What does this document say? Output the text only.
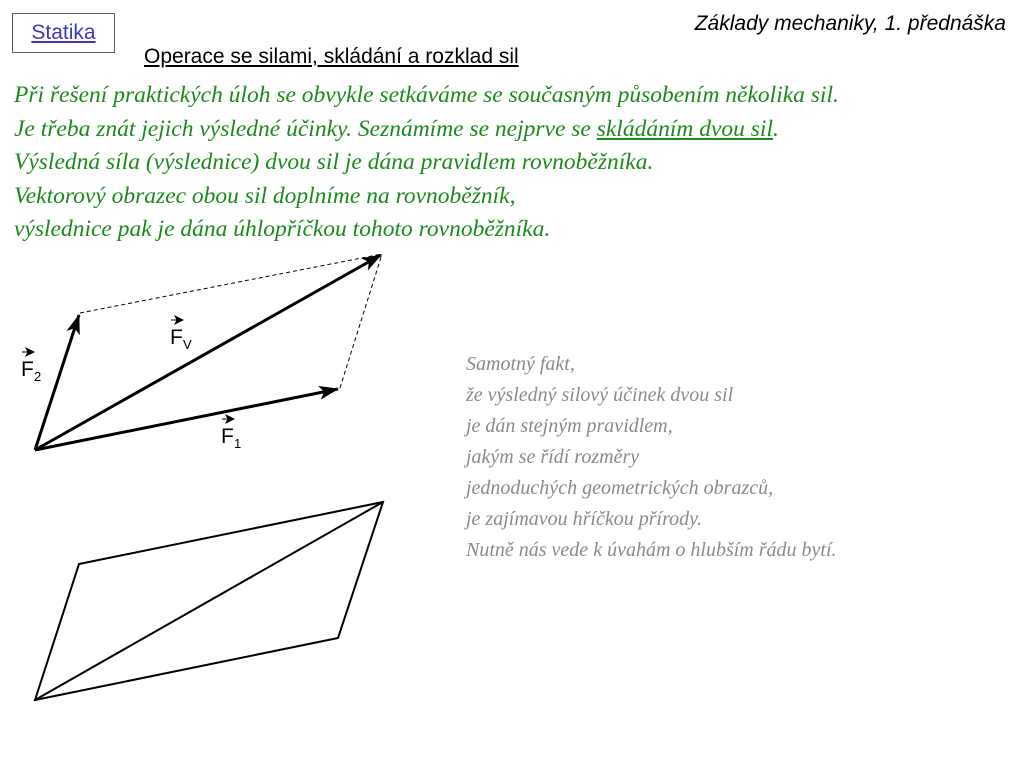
Statika	Základy mechaniky, 1. přednáška
Operace se silami, skládání a rozklad sil
Při řešení praktických úloh se obvykle setkáváme se současným působením několika sil.
Je třeba znát jejich výsledné účinky. Seznámíme se nejprve se skládáním dvou sil.
Výsledná síla (výslednice) dvou sil je dána pravidlem rovnoběžníka.
Vektorový obrazec obou sil doplníme na rovnoběžník,
výslednice pak je dána úhlopříčkou tohoto rovnoběžníka.
F 2
F V
F 1
Samotný fakt,
že výsledný silový účinek dvou sil
je dán stejným pravidlem,
jakým se řídí rozměry
jednoduchých geometrických obrazců,
je zajímavou hříčkou přírody.
Nutně nás vede k úvahám o hlubším řádu bytí.
